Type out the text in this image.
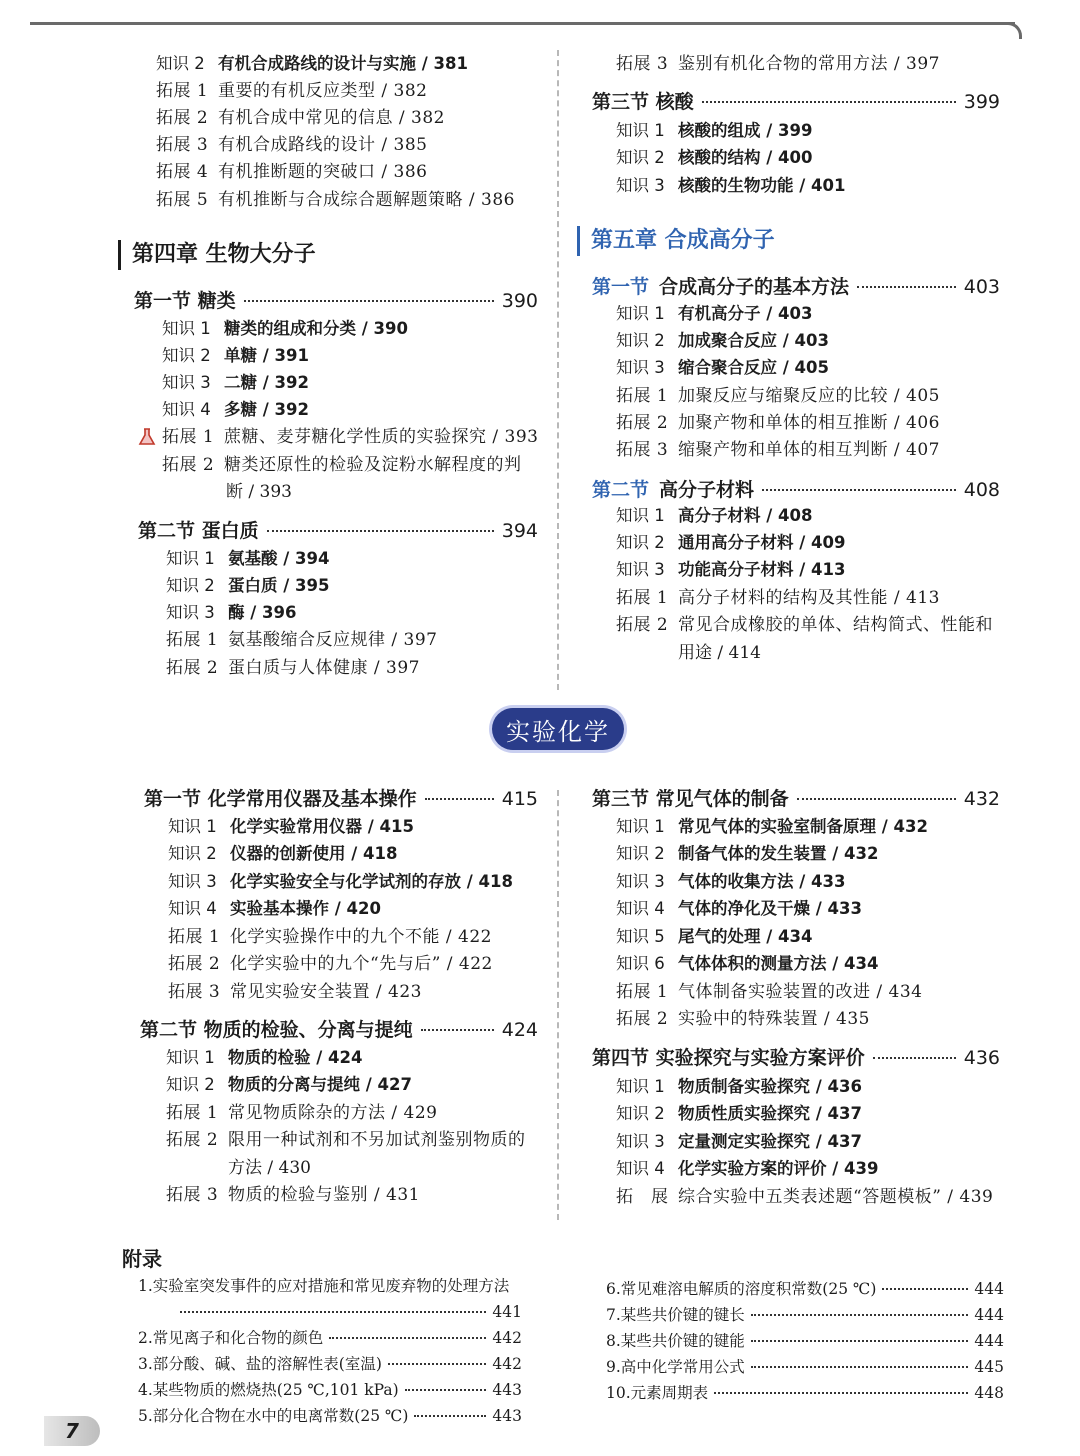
知识 2 有机合成路线的设计与实施 / 381
拓展 1 重要的有机反应类型 / 382
拓展 2 有机合成中常见的信息 / 382
拓展 3 有机合成路线的设计 / 385
拓展 4 有机推断题的突破口 / 386
拓展 5 有机推断与合成综合题解题策略 / 386
第四章 生物大分子
第一节 糖类	390
知识 1 糖类的组成和分类 / 390
知识 2 单糖 / 391
知识 3 二糖 / 392
知识 4 多糖 / 392
拓展 1 蔗糖、麦芽糖化学性质的实验探究 / 393
拓展 2 糖类还原性的检验及淀粉水解程度的判
断 / 393
第二节 蛋白质	394
知识 1 氨基酸 / 394
知识 2 蛋白质 / 395
知识 3 酶 / 396
拓展 1 氨基酸缩合反应规律 / 397
拓展 2 蛋白质与人体健康 / 397
拓展 3 鉴别有机化合物的常用方法 / 397
第三节 核酸	399
知识 1 核酸的组成 / 399
知识 2 核酸的结构 / 400
知识 3 核酸的生物功能 / 401
第五章 合成高分子
第一节 合成高分子的基本方法	403
知识 1 有机高分子 / 403
知识 2 加成聚合反应 / 403
知识 3 缩合聚合反应 / 405
拓展 1 加聚反应与缩聚反应的比较 / 405
拓展 2 加聚产物和单体的相互推断 / 406
拓展 3 缩聚产物和单体的相互判断 / 407
第二节 高分子材料	408
知识 1 高分子材料 / 408
知识 2 通用高分子材料 / 409
知识 3 功能高分子材料 / 413
拓展 1 高分子材料的结构及其性能 / 413
拓展 2 常见合成橡胶的单体、结构简式、性能和
用途 / 414
实验化学
第一节 化学常用仪器及基本操作	415
知识 1 化学实验常用仪器 / 415
知识 2 仪器的创新使用 / 418
知识 3 化学实验安全与化学试剂的存放 / 418
知识 4 实验基本操作 / 420
拓展 1 化学实验操作中的九个不能 / 422
拓展 2 化学实验中的九个“先与后” / 422
拓展 3 常见实验安全装置 / 423
第二节 物质的检验、分离与提纯	424
知识 1 物质的检验 / 424
知识 2 物质的分离与提纯 / 427
拓展 1 常见物质除杂的方法 / 429
拓展 2 限用一种试剂和不另加试剂鉴别物质的
方法 / 430
拓展 3 物质的检验与鉴别 / 431
第三节 常见气体的制备	432
知识 1 常见气体的实验室制备原理 / 432
知识 2 制备气体的发生装置 / 432
知识 3 气体的收集方法 / 433
知识 4 气体的净化及干燥 / 433
知识 5 尾气的处理 / 434
知识 6 气体体积的测量方法 / 434
拓展 1 气体制备实验装置的改进 / 434
拓展 2 实验中的特殊装置 / 435
第四节 实验探究与实验方案评价	436
知识 1 物质制备实验探究 / 436
知识 2 物质性质实验探究 / 437
知识 3 定量测定实验探究 / 437
知识 4 化学实验方案的评价 / 439
拓　展 综合实验中五类表述题“答题模板” / 439
附录
1.实验室突发事件的应对措施和常见废弃物的处理方法
441
2.常见离子和化合物的颜色	442
3.部分酸、碱、盐的溶解性表(室温)	442
4.某些物质的燃烧热(25 ℃,101 kPa)	443
5.部分化合物在水中的电离常数(25 ℃)	443
6.常见难溶电解质的溶度积常数(25 ℃)	444
7.某些共价键的键长	444
8.某些共价键的键能	444
9.高中化学常用公式	445
10.元素周期表	448
7
